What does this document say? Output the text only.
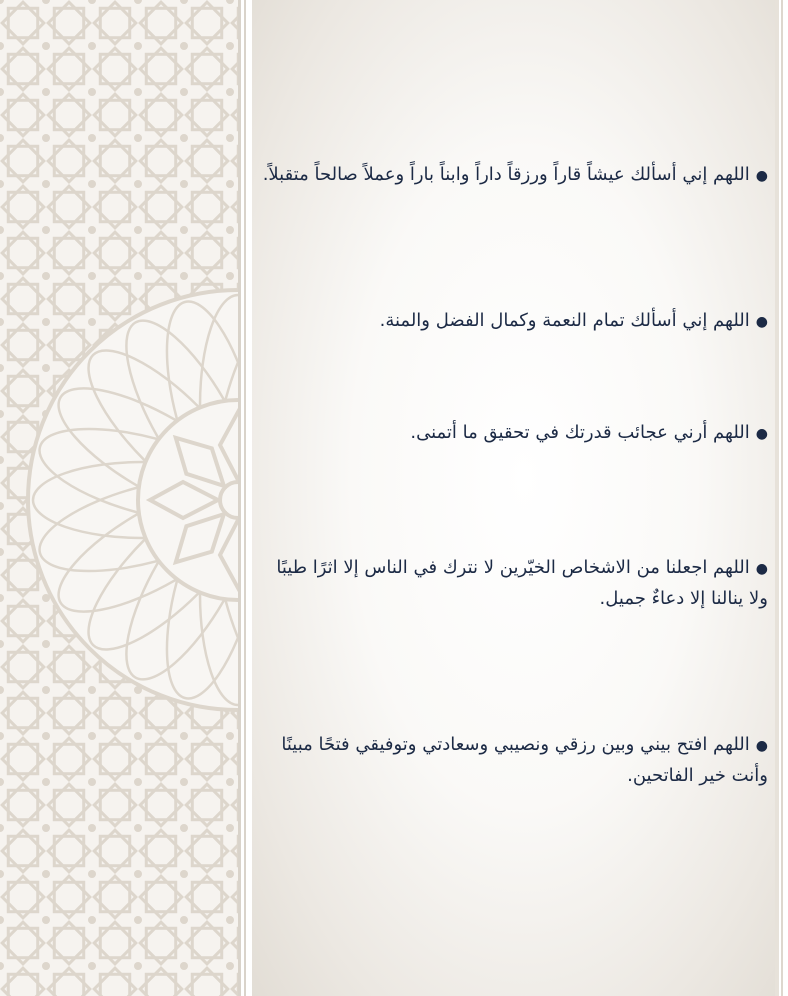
●اللهم إني أسألك عيشاً قاراً ورزقاً داراً وابناً باراً وعملاً صالحاً متقبلاً.
●اللهم إني أسألك تمام النعمة وكمال الفضل والمنة.
●اللهم أرني عجائب قدرتك في تحقيق ما أتمنى.
●اللهم اجعلنا من الاشخاص الخيّرين لا نترك في الناس إلا اثرًا طيبًا ولا ينالنا إلا دعاءٌ جميل.
●اللهم افتح بيني وبين رزقي ونصيبي وسعادتي وتوفيقي فتحًا مبينًا وأنت خير الفاتحين.
